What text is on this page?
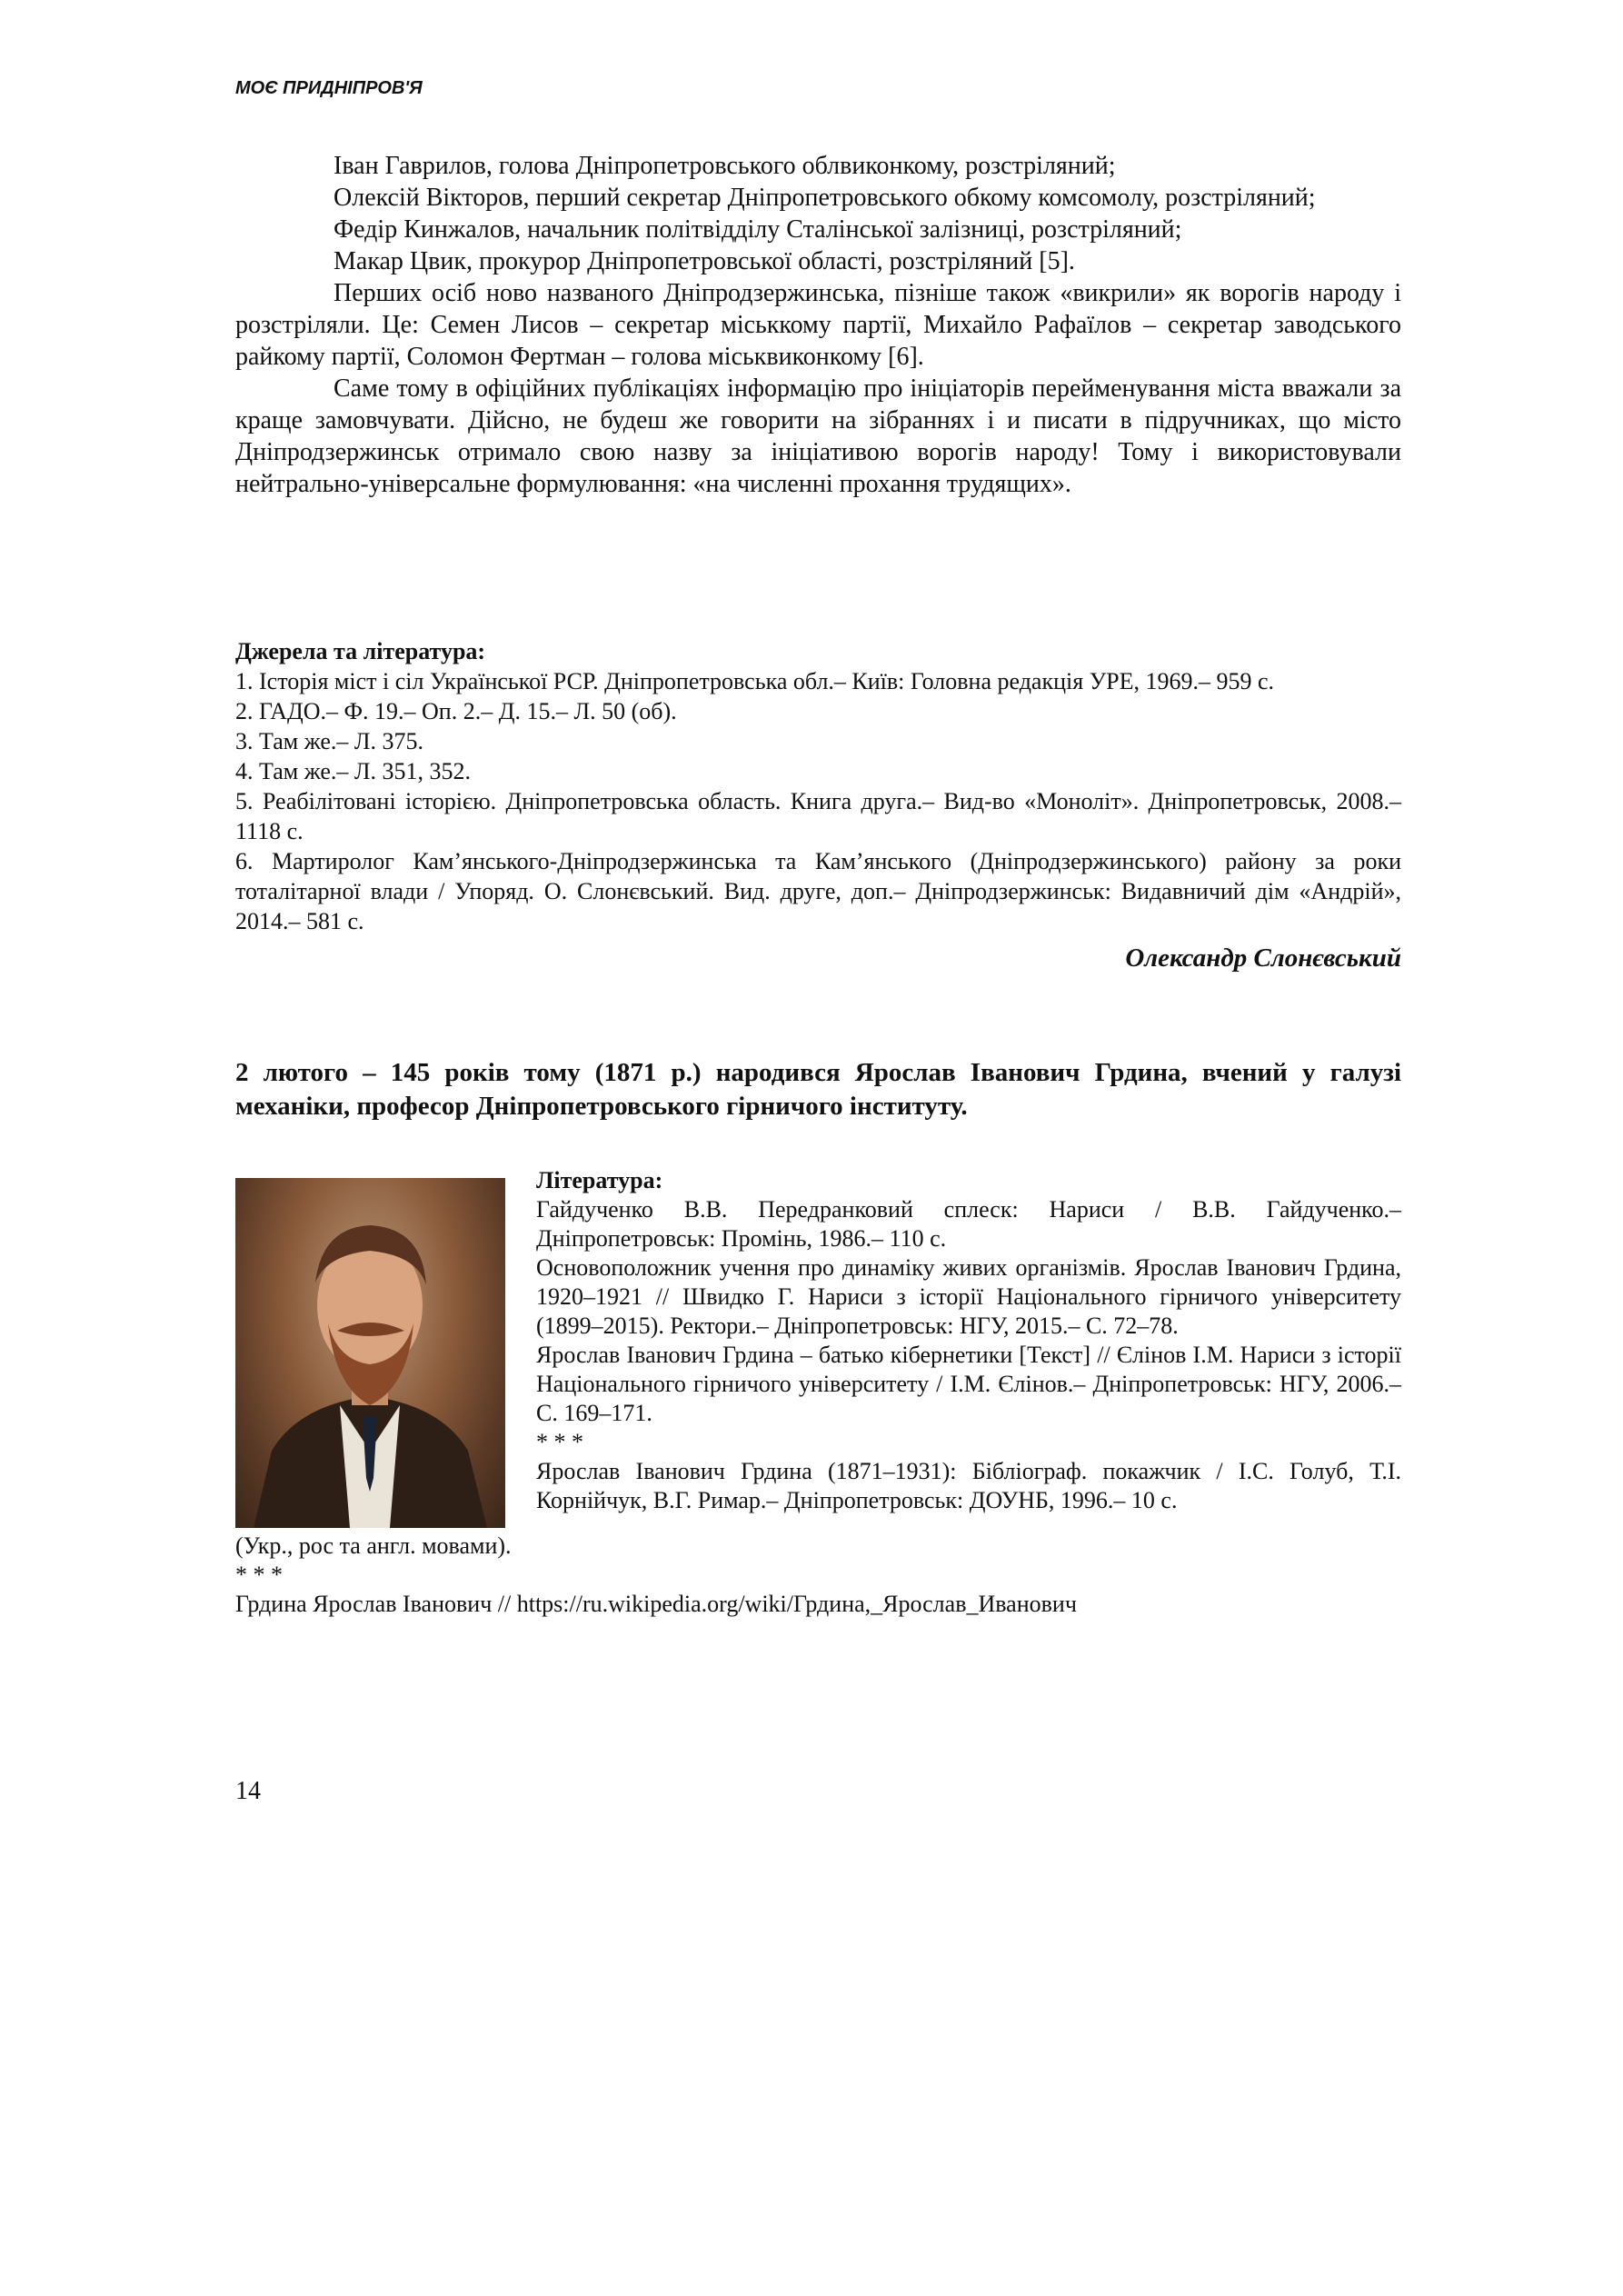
МОЄ ПРИДНІПРОВ'Я

Іван Гаврилов, голова Дніпропетровського облвиконкому, розстріляний;

Олексій Вікторов, перший секретар Дніпропетровського обкому комсомолу, розстріляний;

Федір Кинжалов, начальник політвідділу Сталінської залізниці, розстріляний;

Макар Цвик, прокурор Дніпропетровської області, розстріляний [5].

Перших осіб ново названого Дніпродзержинська, пізніше також «викрили» як ворогів народу і розстріляли. Це: Семен Лисов – секретар міськкому партії, Михайло Рафаїлов – секретар заводського райкому партії, Соломон Фертман – голова міськвиконкому [6].

Саме тому в офіційних публікаціях інформацію про ініціаторів перейменування міста вважали за краще замовчувати. Дійсно, не будеш же говорити на зібраннях і и писати в підручниках, що місто Дніпродзержинськ отримало свою назву за ініціативою ворогів народу! Тому і використовували нейтрально-універсальне формулювання: «на численні прохання трудящих».

Джерела та література:
1. Історія міст і сіл Української РСР. Дніпропетровська обл.– Київ: Головна редакція УРЕ, 1969.– 959 с.
2. ГАДО.– Ф. 19.– Оп. 2.– Д. 15.– Л. 50 (об).
3. Там же.– Л. 375.
4. Там же.– Л. 351, 352.
5. Реабілітовані історією. Дніпропетровська область. Книга друга.– Вид-во «Моноліт». Дніпропетровськ, 2008.– 1118 с.
6. Мартиролог Кам’янського-Дніпродзержинська та Кам’янського (Дніпродзержинського) району за роки тоталітарної влади / Упоряд. О. Слонєвський. Вид. друге, доп.– Дніпродзержинськ: Видавничий дім «Андрій», 2014.– 581 с.
Олександр Слонєвський
2 лютого – 145 років тому (1871 р.) народився Ярослав Іванович Грдина, вчений у галузі механіки, професор Дніпропетровського гірничого інституту.
Література:
Гайдученко В.В. Передранковий сплеск: Нариси / В.В. Гайдученко.– Дніпропетровськ: Промінь, 1986.– 110 с.
Основоположник учення про динаміку живих організмів. Ярослав Іванович Грдина, 1920–1921 // Швидко Г. Нариси з історії Національного гірничого університету (1899–2015). Ректори.– Дніпропетровськ: НГУ, 2015.– С. 72–78.
Ярослав Іванович Грдина – батько кібернетики [Текст] // Єлінов І.М. Нариси з історії Національного гірничого університету / І.М. Єлінов.– Дніпропетровськ: НГУ, 2006.– С. 169–171.
* * *
Ярослав Іванович Грдина (1871–1931): Бібліограф. покажчик / І.С. Голуб, Т.І. Корнійчук, В.Г. Римар.– Дніпропетровськ: ДОУНБ, 1996.– 10 с.
(Укр., рос та англ. мовами).
* * *
Грдина Ярослав Іванович // https://ru.wikipedia.org/wiki/Грдина,_Ярослав_Иванович
14
